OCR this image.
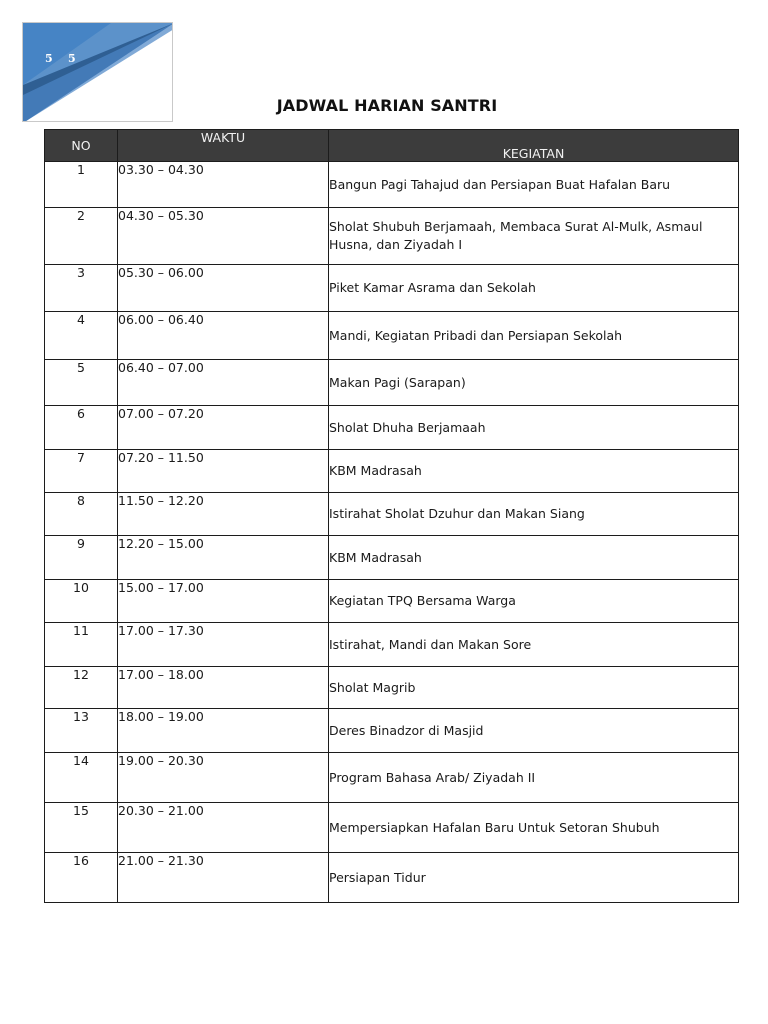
5 5
JADWAL HARIAN SANTRI
NO	WAKTU	KEGIATAN
1	03.30 – 04.30	Bangun Pagi Tahajud dan Persiapan Buat Hafalan Baru
2	04.30 – 05.30	Sholat Shubuh Berjamaah, Membaca Surat Al-Mulk, Asmaul Husna, dan Ziyadah I
3	05.30 – 06.00	Piket Kamar Asrama dan Sekolah
4	06.00 – 06.40	Mandi, Kegiatan Pribadi dan Persiapan Sekolah
5	06.40 – 07.00	Makan Pagi (Sarapan)
6	07.00 – 07.20	Sholat Dhuha Berjamaah
7	07.20 – 11.50	KBM Madrasah
8	11.50 – 12.20	Istirahat Sholat Dzuhur dan Makan Siang
9	12.20 – 15.00	KBM Madrasah
10	15.00 – 17.00	Kegiatan TPQ Bersama Warga
11	17.00 – 17.30	Istirahat, Mandi dan Makan Sore
12	17.00 – 18.00	Sholat Magrib
13	18.00 – 19.00	Deres Binadzor di Masjid
14	19.00 – 20.30	Program Bahasa Arab/ Ziyadah II
15	20.30 – 21.00	Mempersiapkan Hafalan Baru Untuk Setoran Shubuh
16	21.00 – 21.30	Persiapan Tidur
